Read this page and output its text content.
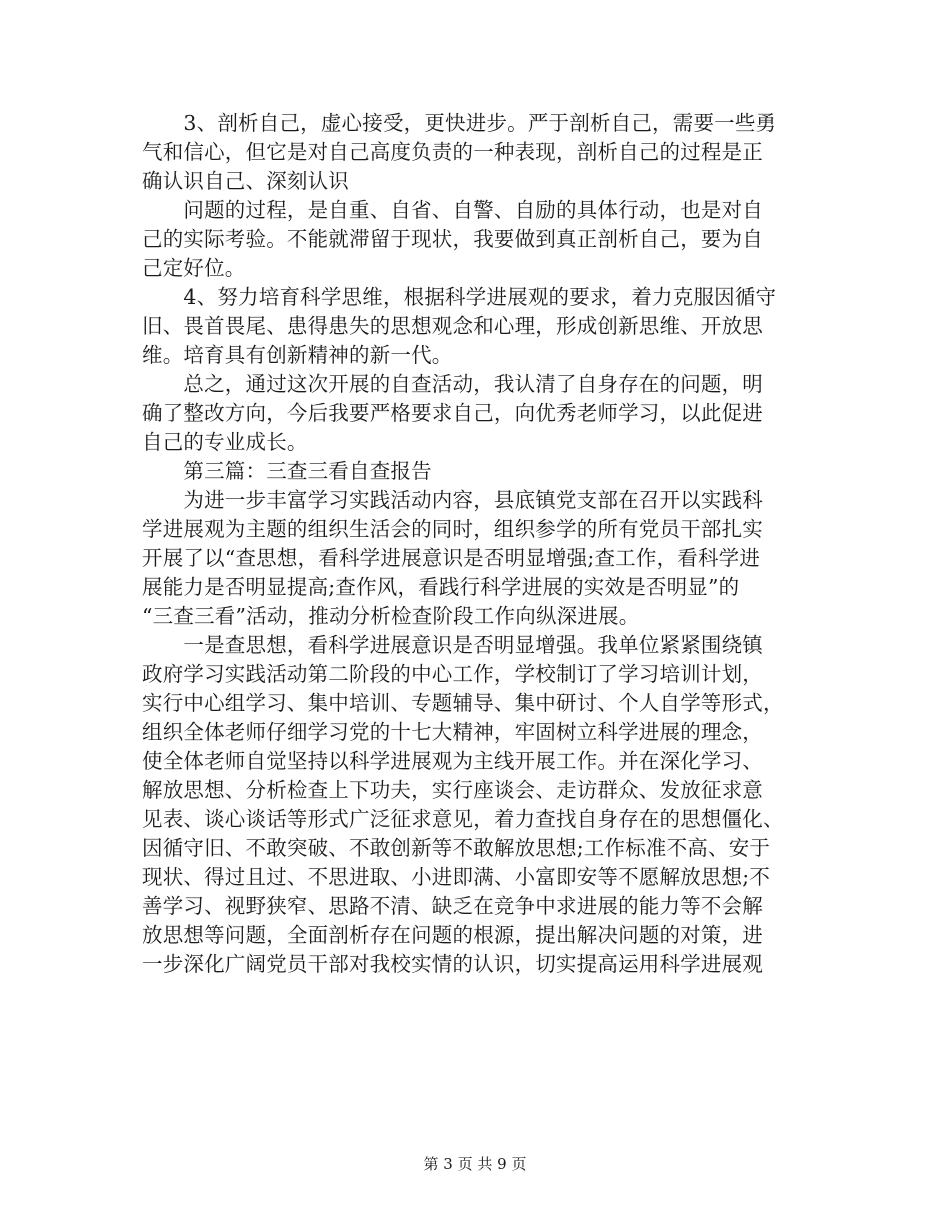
　　3、剖析自己，虚心接受，更快进步。严于剖析自己，需要一些勇
气和信心，但它是对自己高度负责的一种表现，剖析自己的过程是正
确认识自己、深刻认识
　　问题的过程，是自重、自省、自警、自励的具体行动，也是对自
己的实际考验。不能就滞留于现状，我要做到真正剖析自己，要为自
己定好位。
　　4、努力培育科学思维，根据科学进展观的要求，着力克服因循守
旧、畏首畏尾、患得患失的思想观念和心理，形成创新思维、开放思
维。培育具有创新精神的新一代。
　　总之，通过这次开展的自查活动，我认清了自身存在的问题，明
确了整改方向，今后我要严格要求自己，向优秀老师学习，以此促进
自己的专业成长。
　　第三篇：三查三看自查报告
　　为进一步丰富学习实践活动内容，县底镇党支部在召开以实践科
学进展观为主题的组织生活会的同时，组织参学的所有党员干部扎实
开展了以“查思想，看科学进展意识是否明显增强;查工作，看科学进
展能力是否明显提高;查作风，看践行科学进展的实效是否明显”的
“三查三看”活动，推动分析检查阶段工作向纵深进展。
　　一是查思想，看科学进展意识是否明显增强。我单位紧紧围绕镇
政府学习实践活动第二阶段的中心工作，学校制订了学习培训计划，
实行中心组学习、集中培训、专题辅导、集中研讨、个人自学等形式，
组织全体老师仔细学习党的十七大精神，牢固树立科学进展的理念，
使全体老师自觉坚持以科学进展观为主线开展工作。并在深化学习、
解放思想、分析检查上下功夫，实行座谈会、走访群众、发放征求意
见表、谈心谈话等形式广泛征求意见，着力查找自身存在的思想僵化、
因循守旧、不敢突破、不敢创新等不敢解放思想;工作标准不高、安于
现状、得过且过、不思进取、小进即满、小富即安等不愿解放思想;不
善学习、视野狭窄、思路不清、缺乏在竞争中求进展的能力等不会解
放思想等问题，全面剖析存在问题的根源，提出解决问题的对策，进
一步深化广阔党员干部对我校实情的认识，切实提高运用科学进展观
第 3 页 共 9 页
